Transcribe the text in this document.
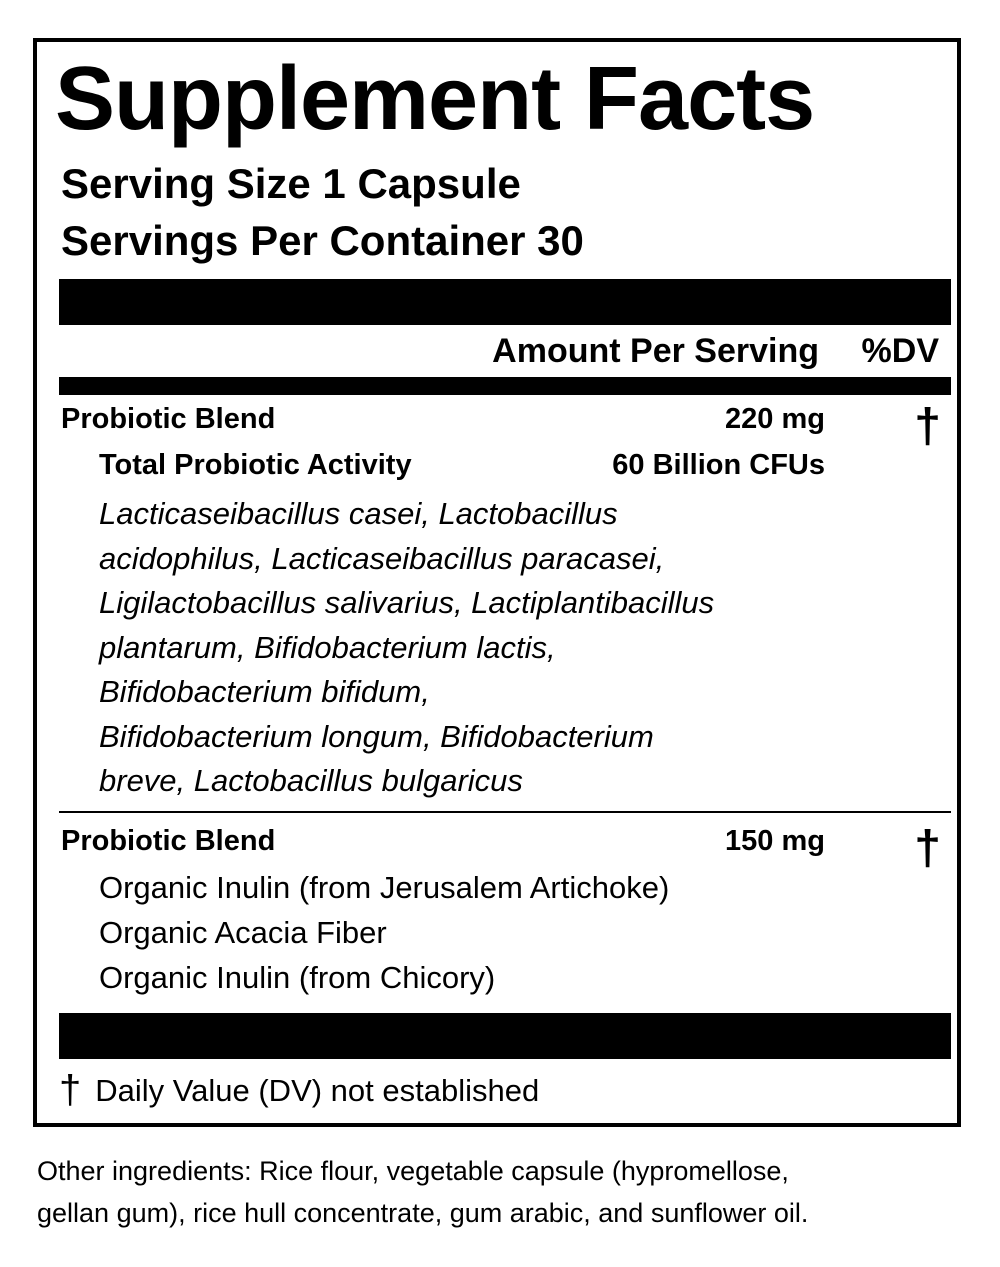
Supplement Facts
Serving Size 1 Capsule
Servings Per Container 30
Amount Per Serving %DV
Probiotic Blend	220 mg †
Total Probiotic Activity	60 Billion CFUs
Lacticaseibacillus casei, Lactobacillus
acidophilus, Lacticaseibacillus paracasei,
Ligilactobacillus salivarius, Lactiplantibacillus
plantarum, Bifidobacterium lactis,
Bifidobacterium bifidum,
Bifidobacterium longum, Bifidobacterium
breve, Lactobacillus bulgaricus
Probiotic Blend	150 mg †
Organic Inulin (from Jerusalem Artichoke)
Organic Acacia Fiber
Organic Inulin (from Chicory)
† Daily Value (DV) not established
Other ingredients: Rice flour, vegetable capsule (hypromellose,
gellan gum), rice hull concentrate, gum arabic, and sunflower oil.
